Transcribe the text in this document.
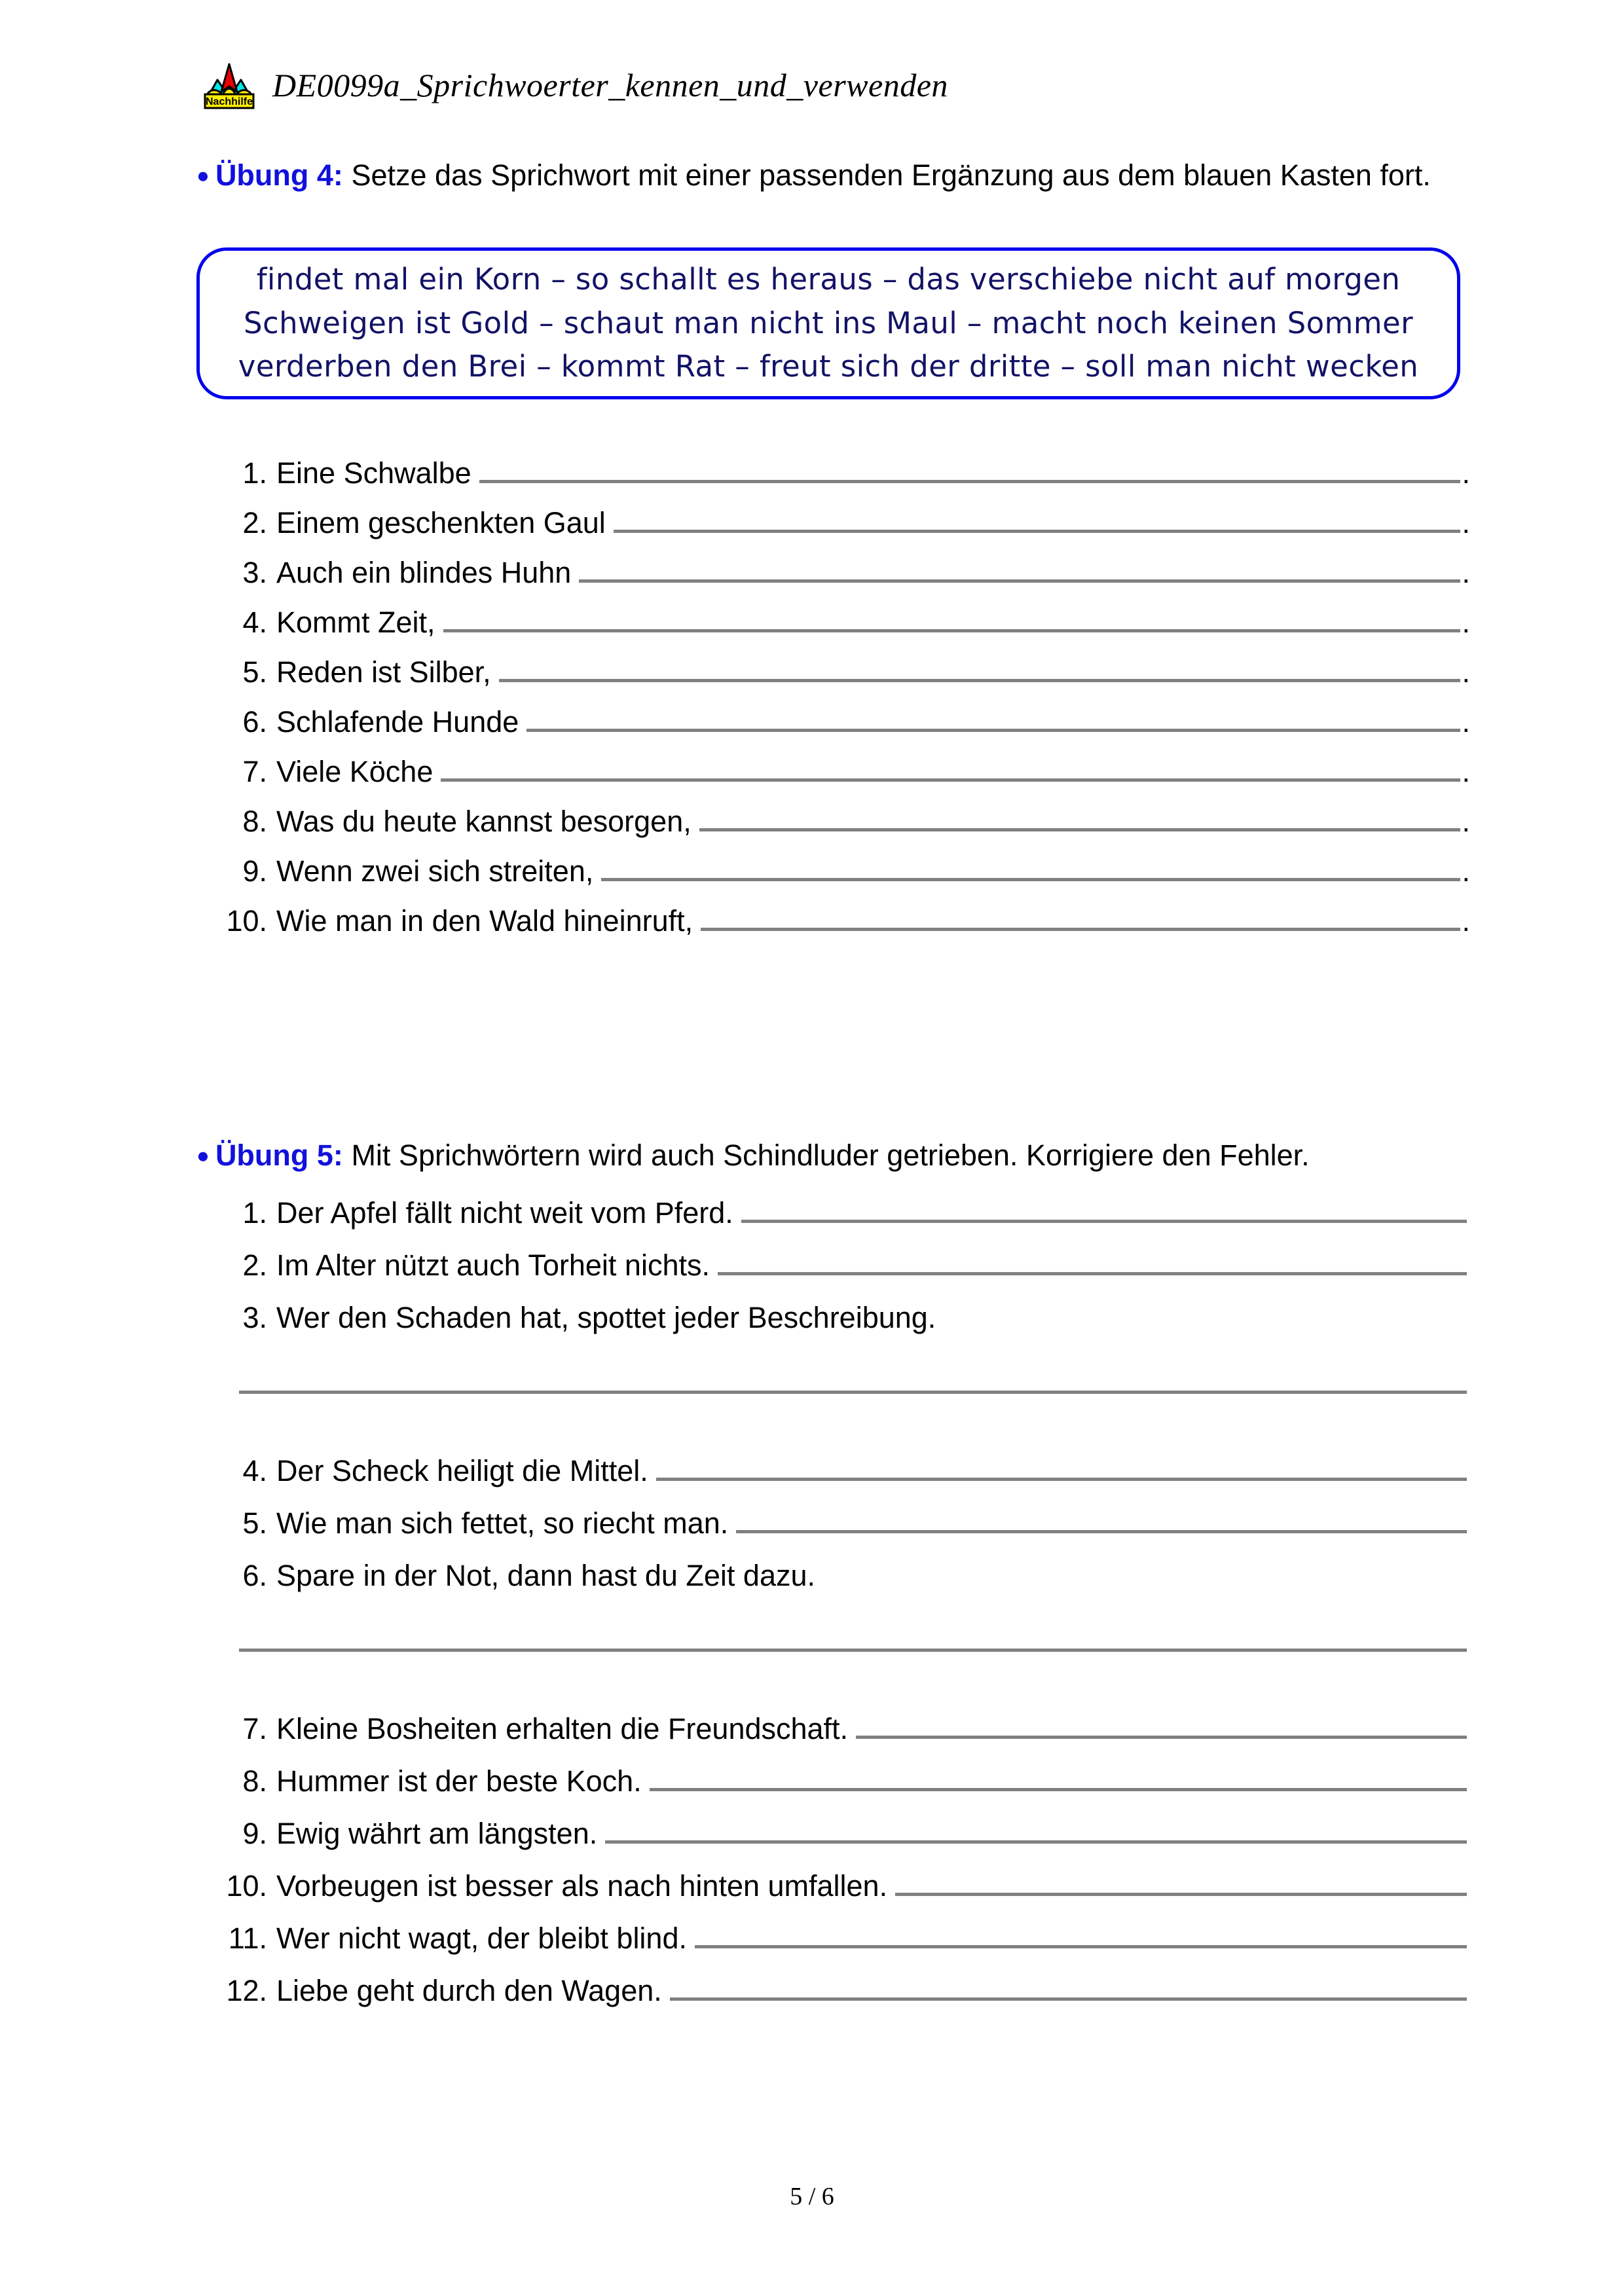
Nachhilfe DE0099a_Sprichwoerter_kennen_und_verwenden
● Übung 4: Setze das Sprichwort mit einer passenden Ergänzung aus dem blauen Kasten fort.
findet mal ein Korn – so schallt es heraus – das verschiebe nicht auf morgen
Schweigen ist Gold – schaut man nicht ins Maul – macht noch keinen Sommer
verderben den Brei – kommt Rat – freut sich der dritte – soll man nicht wecken
1. Eine Schwalbe	.
2. Einem geschenkten Gaul	.
3. Auch ein blindes Huhn	.
4. Kommt Zeit,	.
5. Reden ist Silber,	.
6. Schlafende Hunde	.
7. Viele Köche	.
8. Was du heute kannst besorgen,	.
9. Wenn zwei sich streiten,	.
10. Wie man in den Wald hineinruft,	.
● Übung 5: Mit Sprichwörtern wird auch Schindluder getrieben. Korrigiere den Fehler.
1. Der Apfel fällt nicht weit vom Pferd.
2. Im Alter nützt auch Torheit nichts.
3. Wer den Schaden hat, spottet jeder Beschreibung.
4. Der Scheck heiligt die Mittel.
5. Wie man sich fettet, so riecht man.
6. Spare in der Not, dann hast du Zeit dazu.
7. Kleine Bosheiten erhalten die Freundschaft.
8. Hummer ist der beste Koch.
9. Ewig währt am längsten.
10. Vorbeugen ist besser als nach hinten umfallen.
11. Wer nicht wagt, der bleibt blind.
12. Liebe geht durch den Wagen.
5 / 6
